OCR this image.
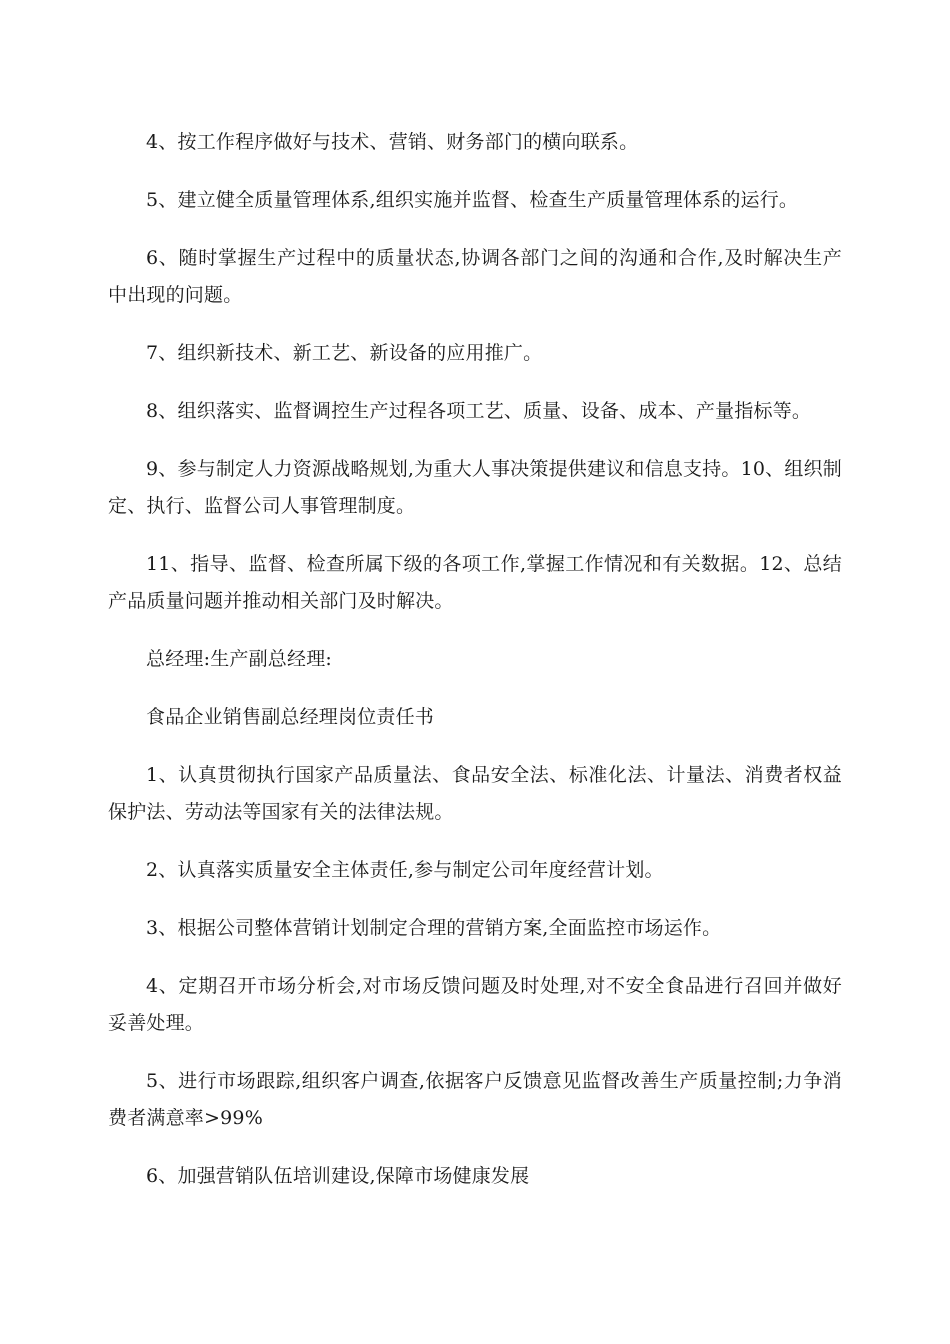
4、按工作程序做好与技术、营销、财务部门的横向联系。

5、建立健全质量管理体系,组织实施并监督、检查生产质量管理体系的运行。

6、随时掌握生产过程中的质量状态,协调各部门之间的沟通和合作,及时解决生产中出现的问题。

7、组织新技术、新工艺、新设备的应用推广。

8、组织落实、监督调控生产过程各项工艺、质量、设备、成本、产量指标等。

9、参与制定人力资源战略规划,为重大人事决策提供建议和信息支持。10、组织制定、执行、监督公司人事管理制度。

11、指导、监督、检查所属下级的各项工作,掌握工作情况和有关数据。12、总结产品质量问题并推动相关部门及时解决。

总经理:生产副总经理:

食品企业销售副总经理岗位责任书

1、认真贯彻执行国家产品质量法、食品安全法、标准化法、计量法、消费者权益保护法、劳动法等国家有关的法律法规。

2、认真落实质量安全主体责任,参与制定公司年度经营计划。

3、根据公司整体营销计划制定合理的营销方案,全面监控市场运作。

4、定期召开市场分析会,对市场反馈问题及时处理,对不安全食品进行召回并做好妥善处理。

5、进行市场跟踪,组织客户调查,依据客户反馈意见监督改善生产质量控制;力争消费者满意率>99%

6、加强营销队伍培训建设,保障市场健康发展
